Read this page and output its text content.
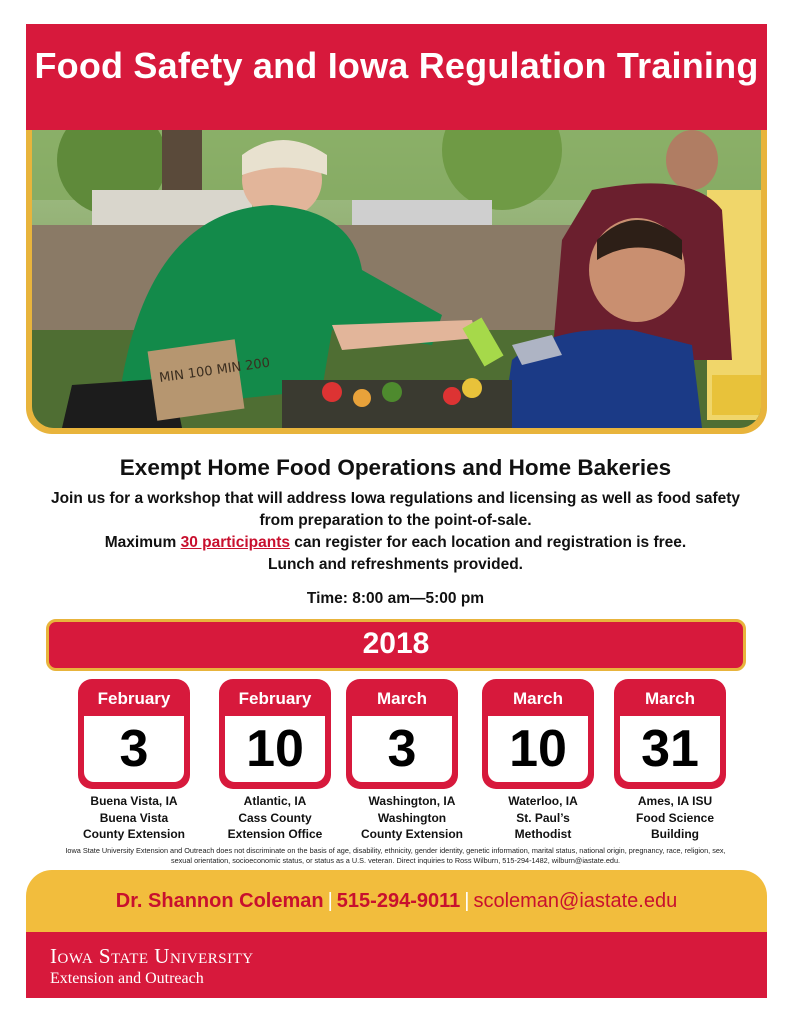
Food Safety and Iowa Regulation Training
MIN 100 MIN 200
Exempt Home Food Operations and Home Bakeries
Join us for a workshop that will address Iowa regulations and licensing as well as food safety from preparation to the point-of-sale.
Maximum 30 participants can register for each location and registration is free.
Lunch and refreshments provided.
Time: 8:00 am—5:00 pm
2018
February
3
February
10
March
3
March
10
March
31
Buena Vista, IA
Buena Vista
County Extension
Atlantic, IA
Cass County
Extension Office
Washington, IA
Washington
County Extension
Waterloo, IA
St. Paul’s
Methodist
Ames, IA ISU
Food Science
Building
Iowa State University Extension and Outreach does not discriminate on the basis of age, disability, ethnicity, gender identity, genetic information, marital status, national origin, pregnancy, race, religion, sex, sexual orientation, socioeconomic status, or status as a U.S. veteran. Direct inquiries to Ross Wilburn, 515-294-1482, wilburn@iastate.edu.
Dr. Shannon Coleman | 515-294-9011 | scoleman@iastate.edu
Iowa State University
Extension and Outreach
